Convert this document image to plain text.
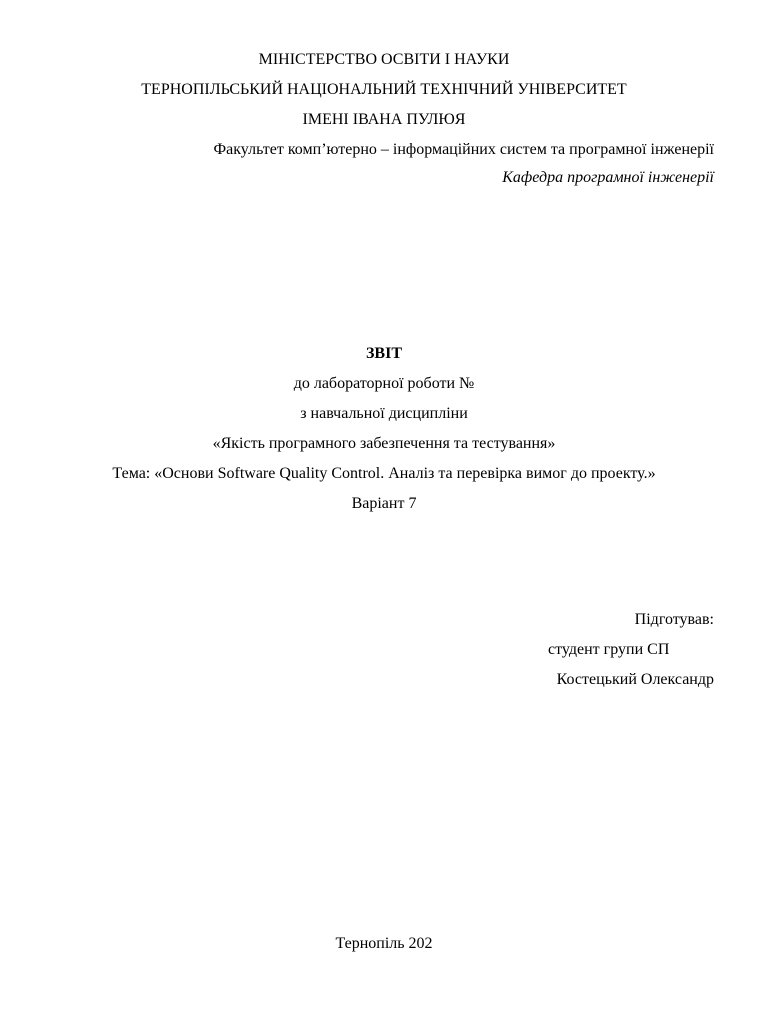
МІНІСТЕРСТВО ОСВІТИ І НАУКИ
ТЕРНОПІЛЬСЬКИЙ НАЦІОНАЛЬНИЙ ТЕХНІЧНИЙ УНІВЕРСИТЕТ
ІМЕНІ ІВАНА ПУЛЮЯ
Факультет комп’ютерно – інформаційних систем та програмної інженерії
Кафедра програмної інженерії
ЗВІТ
до лабораторної роботи №
з навчальної дисципліни
«Якість програмного забезпечення та тестування»
Тема: «Основи Software Quality Control. Аналіз та перевірка вимог до проекту.»
Варіант 7
Підготував:
студент групи СП
Костецький Олександр
Тернопіль 202
